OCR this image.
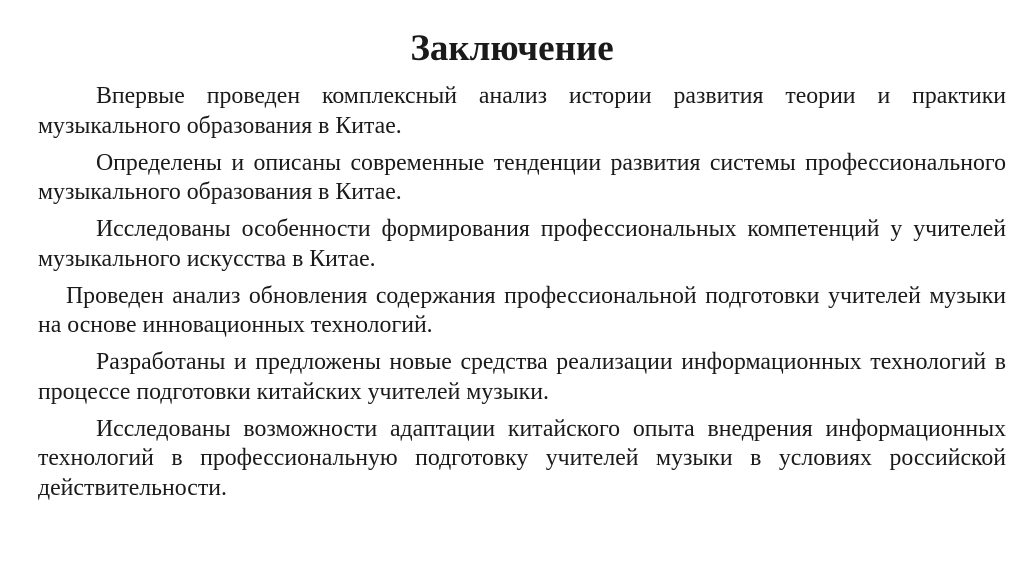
Заключение

Впервые проведен комплексный анализ истории развития теории и практики музыкального образования в Китае.

Определены и описаны современные тенденции развития системы профессионального музыкального образования в Китае.

Исследованы особенности формирования профессиональных компетенций у учителей музыкального искусства в Китае.

Проведен анализ обновления содержания профессиональной подготовки учителей музыки на основе инновационных технологий.

Разработаны и предложены новые средства реализации информационных технологий в процессе подготовки китайских учителей музыки.

Исследованы возможности адаптации китайского опыта внедрения информационных технологий в профессиональную подготовку учителей музыки в условиях российской действительности.
